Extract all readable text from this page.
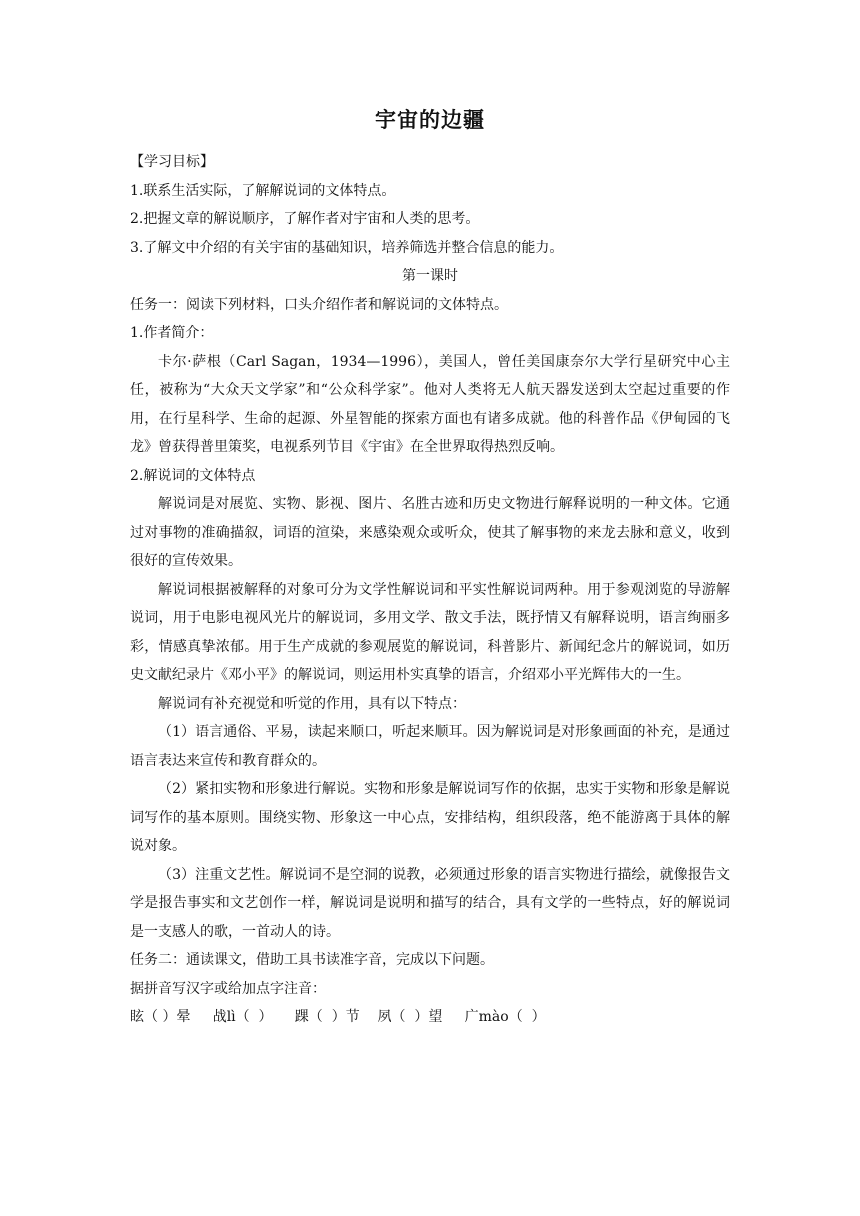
宇宙的边疆

【学习目标】

1.联系生活实际，了解解说词的文体特点。

2.把握文章的解说顺序，了解作者对宇宙和人类的思考。

3.了解文中介绍的有关宇宙的基础知识，培养筛选并整合信息的能力。

第一课时

任务一：阅读下列材料，口头介绍作者和解说词的文体特点。

1.作者简介：

卡尔·萨根（Carl Sagan，1934—1996），美国人，曾任美国康奈尔大学行星研究中心主任，被称为“大众天文学家”和“公众科学家”。他对人类将无人航天器发送到太空起过重要的作用，在行星科学、生命的起源、外星智能的探索方面也有诸多成就。他的科普作品《伊甸园的飞龙》曾获得普里策奖，电视系列节目《宇宙》在全世界取得热烈反响。

2.解说词的文体特点

解说词是对展览、实物、影视、图片、名胜古迹和历史文物进行解释说明的一种文体。它通过对事物的准确描叙，词语的渲染，来感染观众或听众，使其了解事物的来龙去脉和意义，收到很好的宣传效果。

解说词根据被解释的对象可分为文学性解说词和平实性解说词两种。用于参观浏览的导游解说词，用于电影电视风光片的解说词，多用文学、散文手法，既抒情又有解释说明，语言绚丽多彩，情感真挚浓郁。用于生产成就的参观展览的解说词，科普影片、新闻纪念片的解说词，如历史文献纪录片《邓小平》的解说词，则运用朴实真挚的语言，介绍邓小平光辉伟大的一生。

解说词有补充视觉和听觉的作用，具有以下特点：

（1）语言通俗、平易，读起来顺口，听起来顺耳。因为解说词是对形象画面的补充，是通过语言表达来宣传和教育群众的。

（2）紧扣实物和形象进行解说。实物和形象是解说词写作的依据，忠实于实物和形象是解说词写作的基本原则。围绕实物、形象这一中心点，安排结构，组织段落，绝不能游离于具体的解说对象。

（3）注重文艺性。解说词不是空洞的说教，必须通过形象的语言实物进行描绘，就像报告文学是报告事实和文艺创作一样，解说词是说明和描写的结合，具有文学的一些特点，好的解说词是一支感人的歌，一首动人的诗。

任务二：通读课文，借助工具书读准字音，完成以下问题。

据拼音写汉字或给加点字注音：

眩（ ）晕     战lì（  ）     踝（  ）节    夙（  ）望     广mào（  ）
